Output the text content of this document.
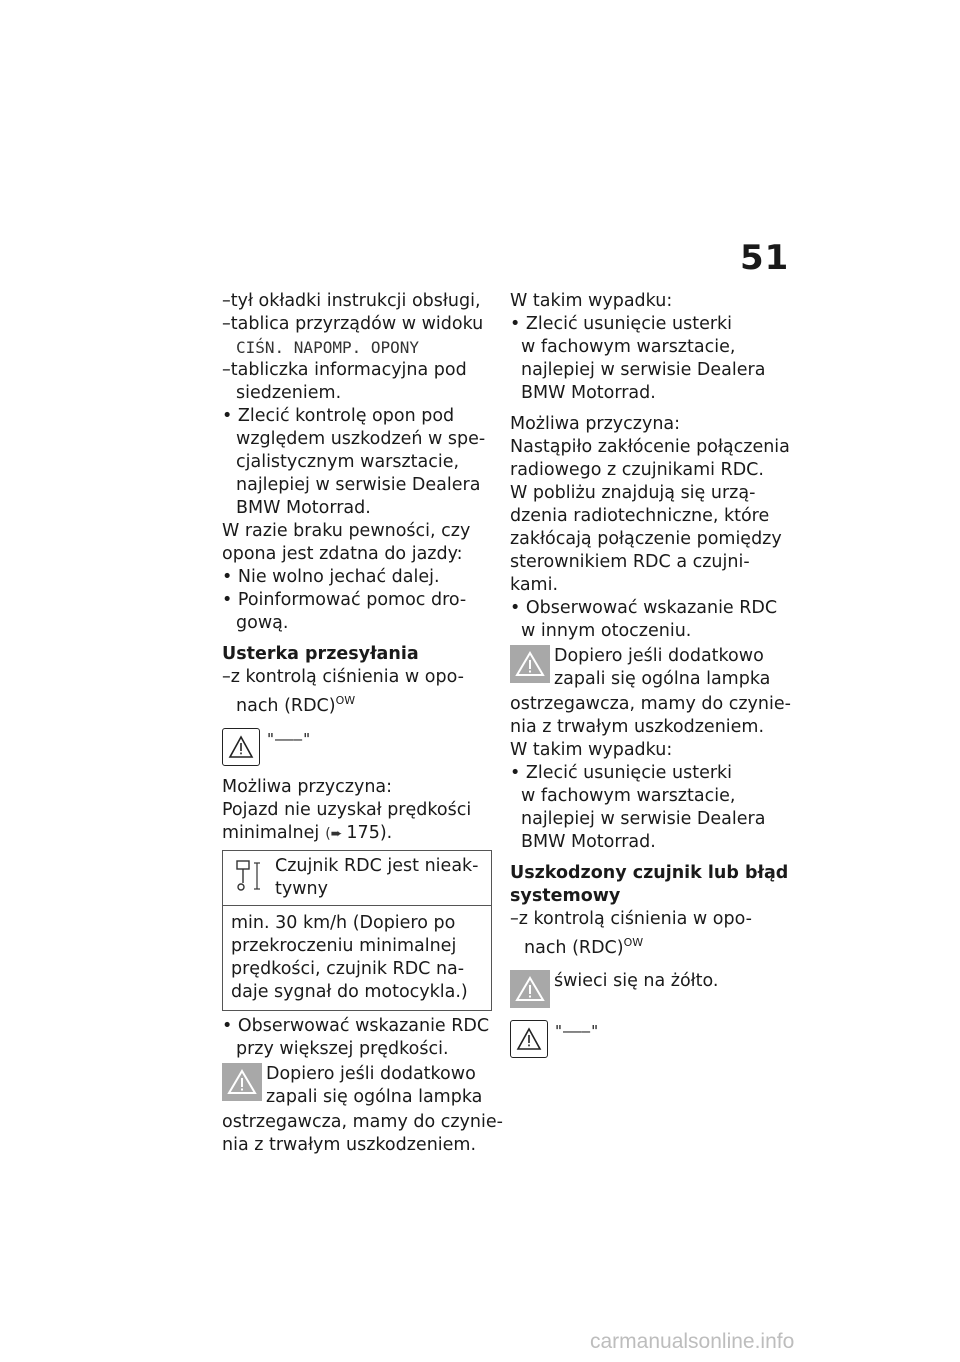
51
–tył okładki instrukcji obsługi,
–tablica przyrządów w widoku
CIŚN. NAPOMP. OPONY
–tabliczka informacyjna pod
siedzeniem.
• Zlecić kontrolę opon pod
względem uszkodzeń w spe-
cjalistycznym warsztacie,
najlepiej w serwisie Dealera
BMW Motorrad.
W razie braku pewności, czy
opona jest zdatna do jazdy:
• Nie wolno jechać dalej.
• Poinformować pomoc dro-
gową.
Usterka przesyłania
–z kontrolą ciśnienia w opo-
nach (RDC)$^{OW}$
"–––"
Możliwa przyczyna:
Pojazd nie uzyskał prędkości
minimalnej (➨ 175).
Czujnik RDC jest nieak-
tywny
min. 30 km/h (Dopiero po
przekroczeniu minimalnej
prędkości, czujnik RDC na-
daje sygnał do motocykla.)
• Obserwować wskazanie RDC
przy większej prędkości.
Dopiero jeśli dodatkowo
zapali się ogólna lampka
ostrzegawcza, mamy do czynie-
nia z trwałym uszkodzeniem.
W takim wypadku:
• Zlecić usunięcie usterki
w fachowym warsztacie,
najlepiej w serwisie Dealera
BMW Motorrad.
Możliwa przyczyna:
Nastąpiło zakłócenie połączenia
radiowego z czujnikami RDC.
W pobliżu znajdują się urzą-
dzenia radiotechniczne, które
zakłócają połączenie pomiędzy
sterownikiem RDC a czujni-
kami.
• Obserwować wskazanie RDC
w innym otoczeniu.
Dopiero jeśli dodatkowo
zapali się ogólna lampka
ostrzegawcza, mamy do czynie-
nia z trwałym uszkodzeniem.
W takim wypadku:
• Zlecić usunięcie usterki
w fachowym warsztacie,
najlepiej w serwisie Dealera
BMW Motorrad.
Uszkodzony czujnik lub błąd
systemowy
–z kontrolą ciśnienia w opo-
nach (RDC)$^{OW}$
świeci się na żółto.
"–––"
carmanualsonline.info
